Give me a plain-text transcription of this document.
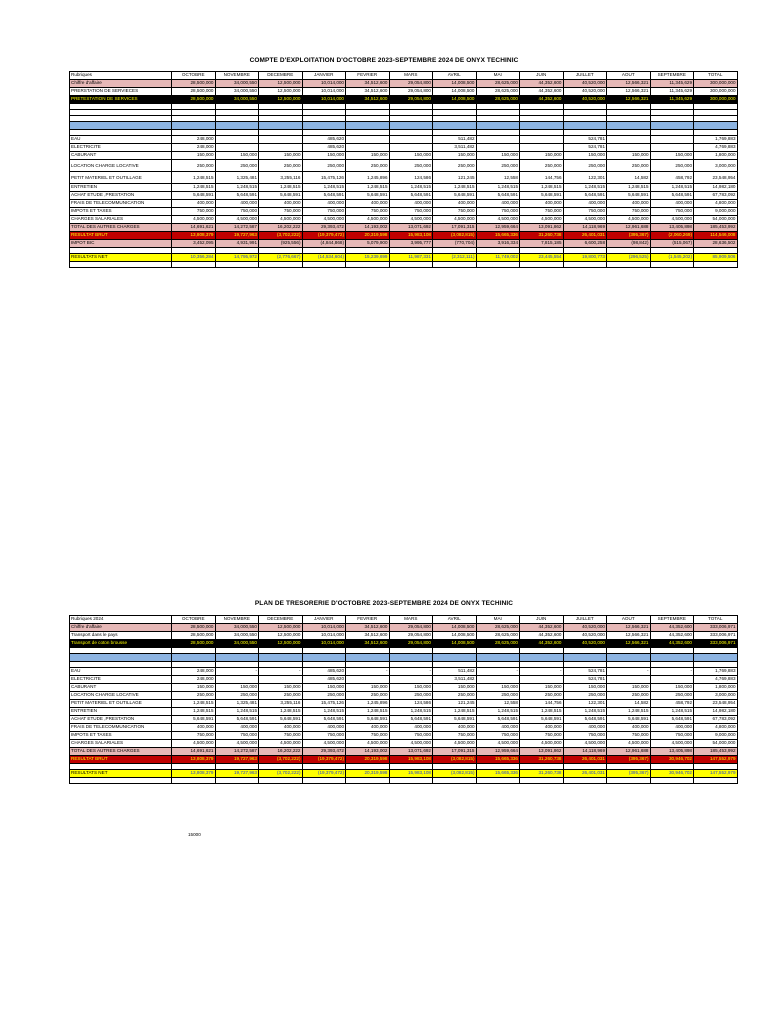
COMPTE D'EXPLOITATION D'OCTOBRE 2023-SEPTEMBRE 2024 DE ONYX TECHINIC
Rubriques	OCTOBRE	NOVEMBRE	DECEMBRE	JANVIER	FEVRIER	MARS	AVRIL	MAI	JUIN	JUILLET	AOUT	SEPTEMBRE	TOTAL
Chiffre d'affaire	28,500,000	34,000,550	12,500,000	10,014,000	34,512,600	29,054,800	14,008,500	28,625,000	44,352,600	40,520,000	12,566,321	11,345,629	300,000,000
PRERSTATION DE SERVIECES	28,500,000	34,000,550	12,500,000	10,014,000	34,512,600	29,054,800	14,008,500	28,625,000	44,352,600	40,520,000	12,566,321	11,345,629	300,000,000
PRETESTATION DE SERVICES	28,500,000	34,000,550	12,500,000	10,014,000	34,512,600	29,054,800	14,008,500	28,625,000	44,352,600	40,520,000	12,566,321	11,345,629	300,000,000

Marge brute	28,500,000	34,000,550	12,500,000	10,014,000	34,512,600	29,054,800	14,008,500	28,625,000	44,352,600	40,520,000	12,566,321	11,345,629	300,000,000

EAU	248,000			485,620			511,482			524,781			1,769,883
ELECTRICITE	248,000			485,620			3,511,482			524,781			4,769,883
CABURANT	150,000	150,000	150,000	150,000	150,000	150,000	150,000	150,000	150,000	150,000	150,000	150,000	1,800,000
LOCATION CHARGE LOCATIVE	250,000	250,000	250,000	250,000	250,000	250,000	250,000	250,000	250,000	250,000	250,000	250,000	3,000,000
PETIT MATERIEL ET OUTILLAGE	1,248,515	1,325,481	3,255,116	15,475,126	1,245,896	124,586	121,245	12,558	144,756	122,301	14,582	458,792	23,548,954
ENTRETIEN	1,248,515	1,248,515	1,248,515	1,248,515	1,248,515	1,248,515	1,248,515	1,248,515	1,248,515	1,248,515	1,248,515	1,248,515	14,982,180
ACHAT ETUDE ,PRESTATION	5,648,591	5,648,591	5,648,591	5,648,591	5,648,591	5,648,591	5,648,591	5,648,591	5,648,591	5,648,591	5,648,591	5,648,591	67,783,092
FRAIS DE TELECOMMUNICATION	400,000	400,000	400,000	400,000	400,000	400,000	400,000	400,000	400,000	400,000	400,000	400,000	4,800,000
IMPOTS ET TAXES	750,000	750,000	750,000	750,000	750,000	750,000	750,000	750,000	750,000	750,000	750,000	750,000	9,000,000
CHARGES SALARIALES	4,500,000	4,500,000	4,500,000	4,500,000	4,500,000	4,500,000	4,500,000	4,500,000	4,500,000	4,500,000	4,500,000	4,500,000	54,000,000
TOTAL DES AUTRES CHARGES	14,691,621	14,272,587	16,202,222	29,393,472	14,193,002	13,071,692	17,091,315	12,959,664	13,091,862	14,118,969	12,961,688	13,405,898	185,453,992
RESULTAT BRUT	13,808,379	19,727,963	(3,702,222)	(19,379,472)	20,319,598	15,983,108	(3,082,815)	15,665,336	31,260,738	26,401,031	(395,367)	(2,060,269)	114,546,008
IMPOT BIC	3,452,095	4,931,991	(925,556)	(4,844,868)	5,079,900	3,995,777	(770,704)	3,916,334	7,815,185	6,600,258	(98,842)	(515,067)	28,636,502

RESULTATS NET	10,356,284	14,795,972	(2,776,667)	(14,534,604)	15,239,699	11,987,331	(2,312,111)	11,749,002	23,445,554	19,800,773	(296,525)	(1,545,202)	85,909,506

PLAN DE TRESORERIE D'OCTOBRE 2023-SEPTEMBRE 2024 DE ONYX TECHINIC
Rubriques 2024	OCTOBRE	NOVEMBRE	DECEMBRE	JANVIER	FEVRIER	MARS	AVRIL	MAI	JUIN	JUILLET	AOUT	SEPTEMBRE	TOTAL
Chiffre d'affaire	28,500,000	34,000,550	12,500,000	10,014,000	34,512,600	29,054,800	14,008,500	28,625,000	44,352,600	40,520,000	12,566,321	44,352,600	333,006,971
Transport dans le pays	28,500,000	34,000,550	12,500,000	10,014,000	34,512,600	29,054,800	14,008,500	28,625,000	44,352,600	40,520,000	12,566,321	44,352,600	333,006,971
Transport de coton brousse	28,500,000	34,000,550	12,500,000	10,014,000	34,512,600	29,054,800	14,008,500	28,625,000	44,352,600	40,520,000	12,566,321	44,352,600	333,006,971

EAU	248,000	-	-	485,620	-	-	511,482	-	-	524,781	-	-	1,769,883
ELECTRICITE	248,000			485,620			3,511,482			524,781			4,769,883
CABURANT	150,000	150,000	150,000	150,000	150,000	150,000	150,000	150,000	150,000	150,000	150,000	150,000	1,800,000
LOCATION CHARGE LOCATIVE	250,000	250,000	250,000	250,000	250,000	250,000	250,000	250,000	250,000	250,000	250,000	250,000	3,000,000
PETIT MATERIEL ET OUTILLAGE	1,248,515	1,325,481	3,255,116	15,475,126	1,245,896	124,586	121,245	12,558	144,756	122,301	14,582	458,792	23,548,954
ENTRETIEN	1,248,515	1,248,515	1,248,515	1,248,515	1,248,515	1,248,515	1,248,515	1,248,515	1,248,515	1,248,515	1,248,515	1,248,515	14,982,180
ACHAT ETUDE ,PRESTATION	5,648,591	5,648,591	5,648,591	5,648,591	5,648,591	5,648,591	5,648,591	5,648,591	5,648,591	5,648,591	5,648,591	5,648,591	67,783,092
FRAIS DE TELECOMMUNICATION	400,000	400,000	400,000	400,000	400,000	400,000	400,000	400,000	400,000	400,000	400,000	400,000	4,800,000
IMPOTS ET TAXES	750,000	750,000	750,000	750,000	750,000	750,000	750,000	750,000	750,000	750,000	750,000	750,000	9,000,000
CHARGES SALARIALES	4,500,000	4,500,000	4,500,000	4,500,000	4,500,000	4,500,000	4,500,000	4,500,000	4,500,000	4,500,000	4,500,000	4,500,000	54,000,000
TOTAL DES AUTRES CHARGES	14,691,621	14,272,587	16,202,222	29,393,472	14,193,002	13,071,692	17,091,315	12,959,664	13,091,862	14,118,969	12,961,688	13,405,898	185,453,992
RESULTAT BRUT	13,808,379	19,727,963	(3,702,222)	(19,379,472)	20,319,598	15,983,108	(3,082,815)	15,665,336	31,260,738	26,401,031	(395,367)	30,946,702	147,552,979

RESULTATS NET	13,808,379	19,727,963	(3,702,222)	(19,379,472)	20,319,598	15,983,108	(3,082,815)	15,665,336	31,260,738	26,401,031	(395,367)	30,946,702	147,552,979

15000
